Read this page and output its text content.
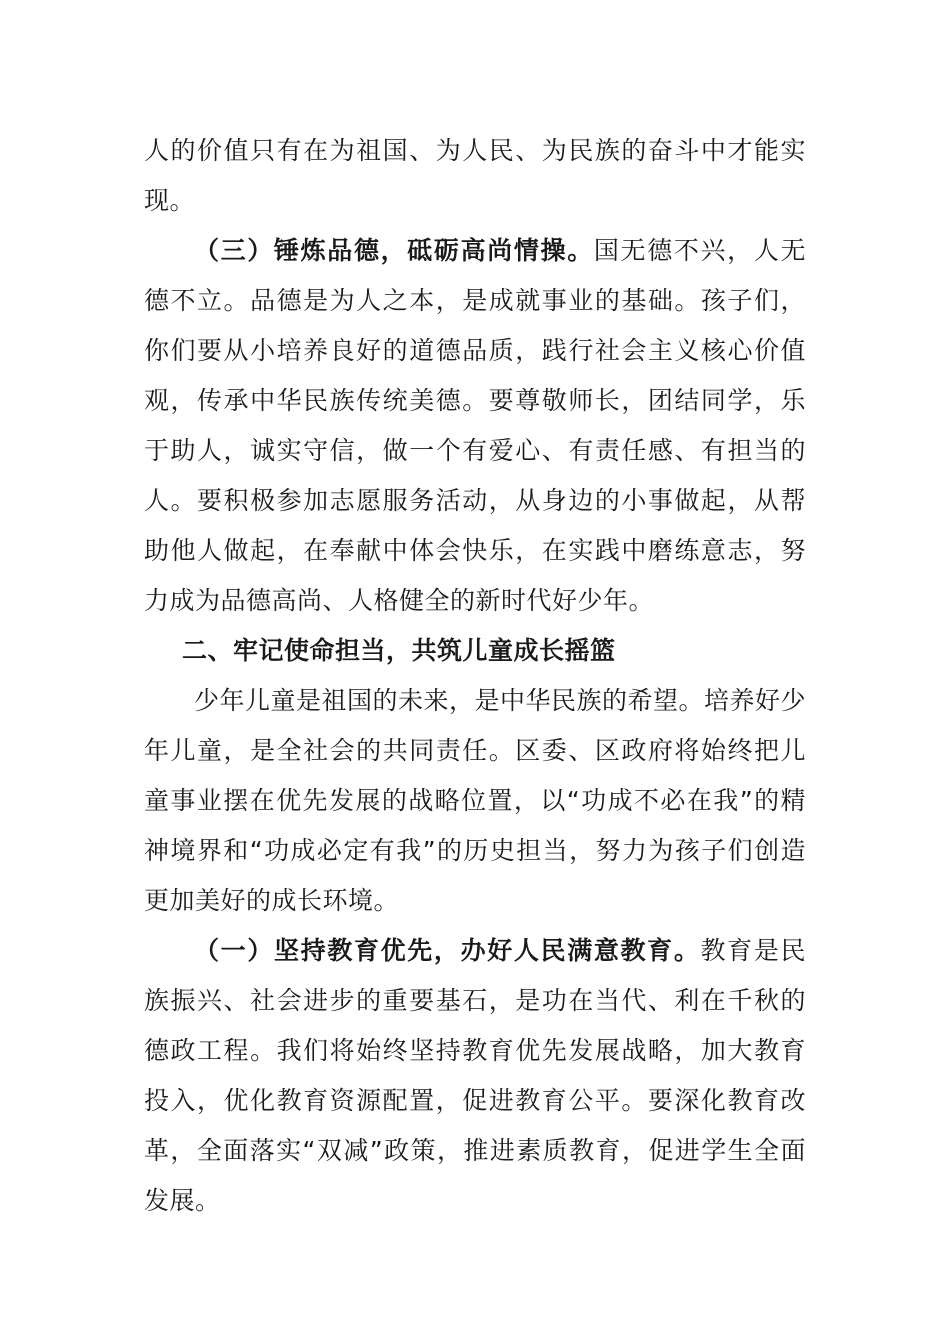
人的价值只有在为祖国、为人民、为民族的奋斗中才能实现。

（三）锤炼品德，砥砺高尚情操。国无德不兴，人无德不立。品德是为人之本，是成就事业的基础。孩子们，你们要从小培养良好的道德品质，践行社会主义核心价值观，传承中华民族传统美德。要尊敬师长，团结同学，乐于助人，诚实守信，做一个有爱心、有责任感、有担当的人。要积极参加志愿服务活动，从身边的小事做起，从帮助他人做起，在奉献中体会快乐，在实践中磨练意志，努力成为品德高尚、人格健全的新时代好少年。

二、牢记使命担当，共筑儿童成长摇篮

少年儿童是祖国的未来，是中华民族的希望。培养好少年儿童，是全社会的共同责任。区委、区政府将始终把儿童事业摆在优先发展的战略位置，以“功成不必在我”的精神境界和“功成必定有我”的历史担当，努力为孩子们创造更加美好的成长环境。

（一）坚持教育优先，办好人民满意教育。教育是民族振兴、社会进步的重要基石，是功在当代、利在千秋的德政工程。我们将始终坚持教育优先发展战略，加大教育投入，优化教育资源配置，促进教育公平。要深化教育改革，全面落实“双减”政策，推进素质教育，促进学生全面发展。
